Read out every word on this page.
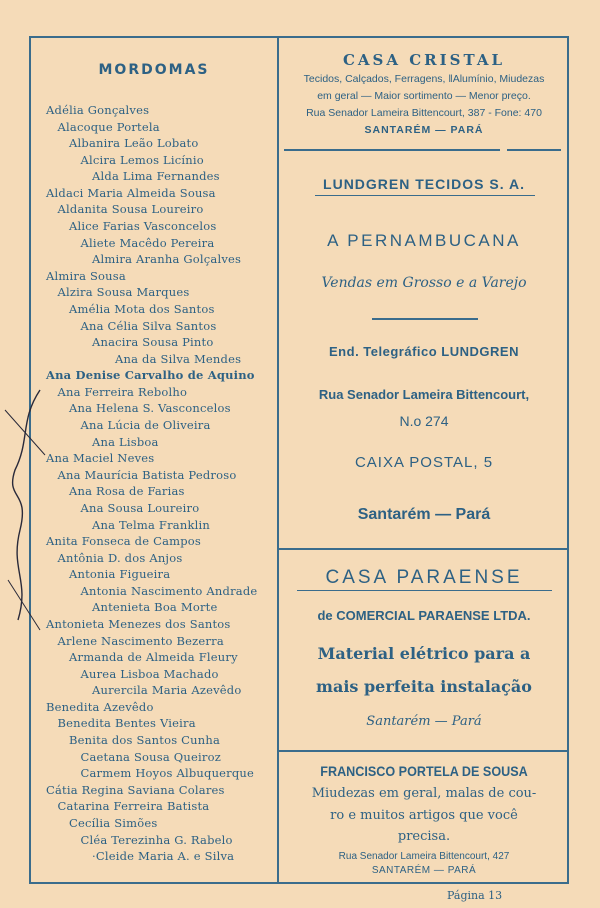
MORDOMAS
Adélia Gonçalves
Alacoque Portela
Albanira Leão Lobato
Alcira Lemos Licínio
Alda Lima Fernandes
Aldaci Maria Almeida Sousa
Aldanita Sousa Loureiro
Alice Farias Vasconcelos
Aliete Macêdo Pereira
Almira Aranha Golçalves
Almira Sousa
Alzira Sousa Marques
Amélia Mota dos Santos
Ana Célia Silva Santos
Anacira Sousa Pinto
Ana da Silva Mendes
Ana Denise Carvalho de Aquino
Ana Ferreira Rebolho
Ana Helena S. Vasconcelos
Ana Lúcia de Oliveira
Ana Lisboa
Ana Maciel Neves
Ana Maurícia Batista Pedroso
Ana Rosa de Farias
Ana Sousa Loureiro
Ana Telma Franklin
Anita Fonseca de Campos
Antônia D. dos Anjos
Antonia Figueira
Antonia Nascimento Andrade
Antenieta Boa Morte
Antonieta Menezes dos Santos
Arlene Nascimento Bezerra
Armanda de Almeida Fleury
Aurea Lisboa Machado
Aurercila Maria Azevêdo
Benedita Azevêdo
Benedita Bentes Vieira
Benita dos Santos Cunha
Caetana Sousa Queiroz
Carmem Hoyos Albuquerque
Cátia Regina Saviana Colares
Catarina Ferreira Batista
Cecília Simões
Cléa Terezinha G. Rabelo
·Cleide Maria A. e Silva
CASA CRISTAL
Tecidos, Calçados, Ferragens, ‖Alumínio, Miudezas
em geral — Maior sortimento — Menor preço.
Rua Senador Lameira Bittencourt, 387 - Fone: 470
SANTARÉM — PARÁ
LUNDGREN TECIDOS S. A.
A PERNAMBUCANA
Vendas em Grosso e a Varejo
End. Telegráfico LUNDGREN
Rua Senador Lameira Bittencourt,
N.o 274
CAIXA POSTAL, 5
Santarém — Pará
CASA PARAENSE
de COMERCIAL PARAENSE LTDA.
Material elétrico para a
mais perfeita instalação
Santarém — Pará
FRANCISCO PORTELA DE SOUSA
Miudezas em geral, malas de cou-
ro e muitos artigos que você
precisa.
Rua Senador Lameira Bittencourt, 427
SANTARÉM — PARÁ
Página 13
